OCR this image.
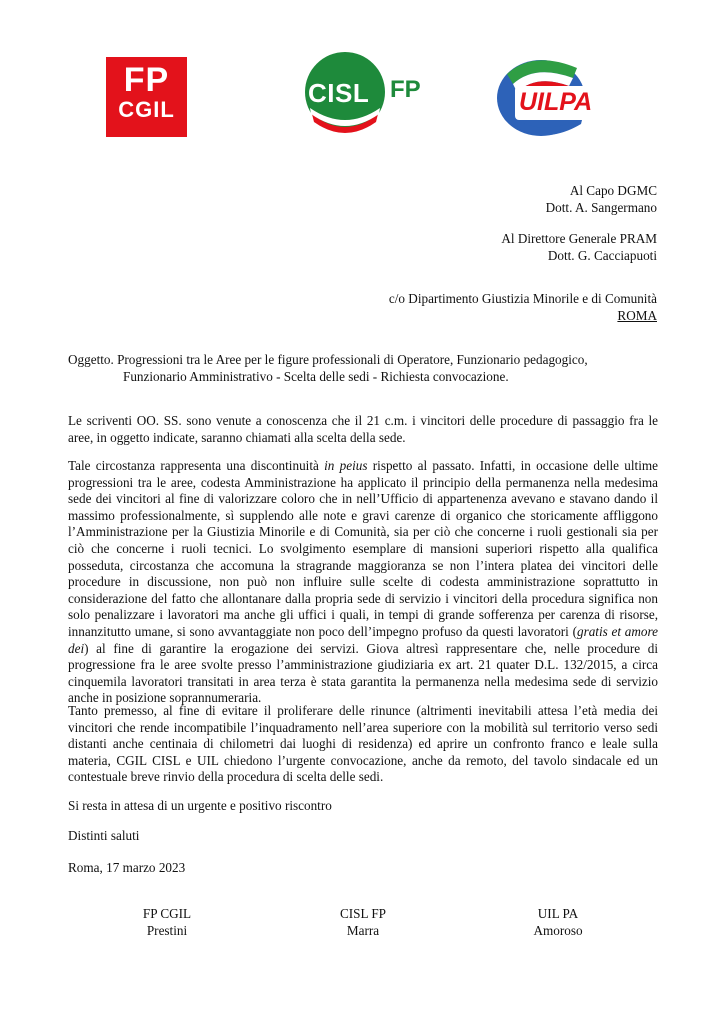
FP
CGIL
CISL FP	UILPA
Al Capo DGMC
Dott. A. Sangermano
Al Direttore Generale PRAM
Dott. G. Cacciapuoti
c/o Dipartimento Giustizia Minorile e di Comunità
ROMA
Oggetto. Progressioni tra le Aree per le figure professionali di Operatore, Funzionario pedagogico,
Funzionario Amministrativo - Scelta delle sedi - Richiesta convocazione.
Le scriventi OO. SS. sono venute a conoscenza che il 21 c.m. i vincitori delle procedure di passaggio fra le aree, in oggetto indicate, saranno chiamati alla scelta della sede.
Tale circostanza rappresenta una discontinuità in peius rispetto al passato. Infatti, in occasione delle ultime progressioni tra le aree, codesta Amministrazione ha applicato il principio della permanenza nella medesima sede dei vincitori al fine di valorizzare coloro che in nell’Ufficio di appartenenza avevano e stavano dando il massimo professionalmente, sì supplendo alle note e gravi carenze di organico che storicamente affliggono l’Amministrazione per la Giustizia Minorile e di Comunità, sia per ciò che concerne i ruoli gestionali sia per ciò che concerne i ruoli tecnici. Lo svolgimento esemplare di mansioni superiori rispetto alla qualifica posseduta, circostanza che accomuna la stragrande maggioranza se non l’intera platea dei vincitori delle procedure in discussione, non può non influire sulle scelte di codesta amministrazione soprattutto in considerazione del fatto che allontanare dalla propria sede di servizio i vincitori della procedura significa non solo penalizzare i lavoratori ma anche gli uffici i quali, in tempi di grande sofferenza per carenza di risorse, innanzitutto umane, si sono avvantaggiate non poco dell’impegno profuso da questi lavoratori (gratis et amore dei) al fine di garantire la erogazione dei servizi. Giova altresì rappresentare che, nelle procedure di progressione fra le aree svolte presso l’amministrazione giudiziaria ex art. 21 quater D.L. 132/2015, a circa cinquemila lavoratori transitati in area terza è stata garantita la permanenza nella medesima sede di servizio anche in posizione soprannumeraria.
Tanto premesso, al fine di evitare il proliferare delle rinunce (altrimenti inevitabili attesa l’età media dei vincitori che rende incompatibile l’inquadramento nell’area superiore con la mobilità sul territorio verso sedi distanti anche centinaia di chilometri dai luoghi di residenza) ed aprire un confronto franco e leale sulla materia, CGIL CISL e UIL chiedono l’urgente convocazione, anche da remoto, del tavolo sindacale ed un contestuale breve rinvio della procedura di scelta delle sedi.
Si resta in attesa di un urgente e positivo riscontro
Distinti saluti
Roma, 17 marzo 2023
FP CGIL
Prestini
CISL FP
Marra
UIL PA
Amoroso
